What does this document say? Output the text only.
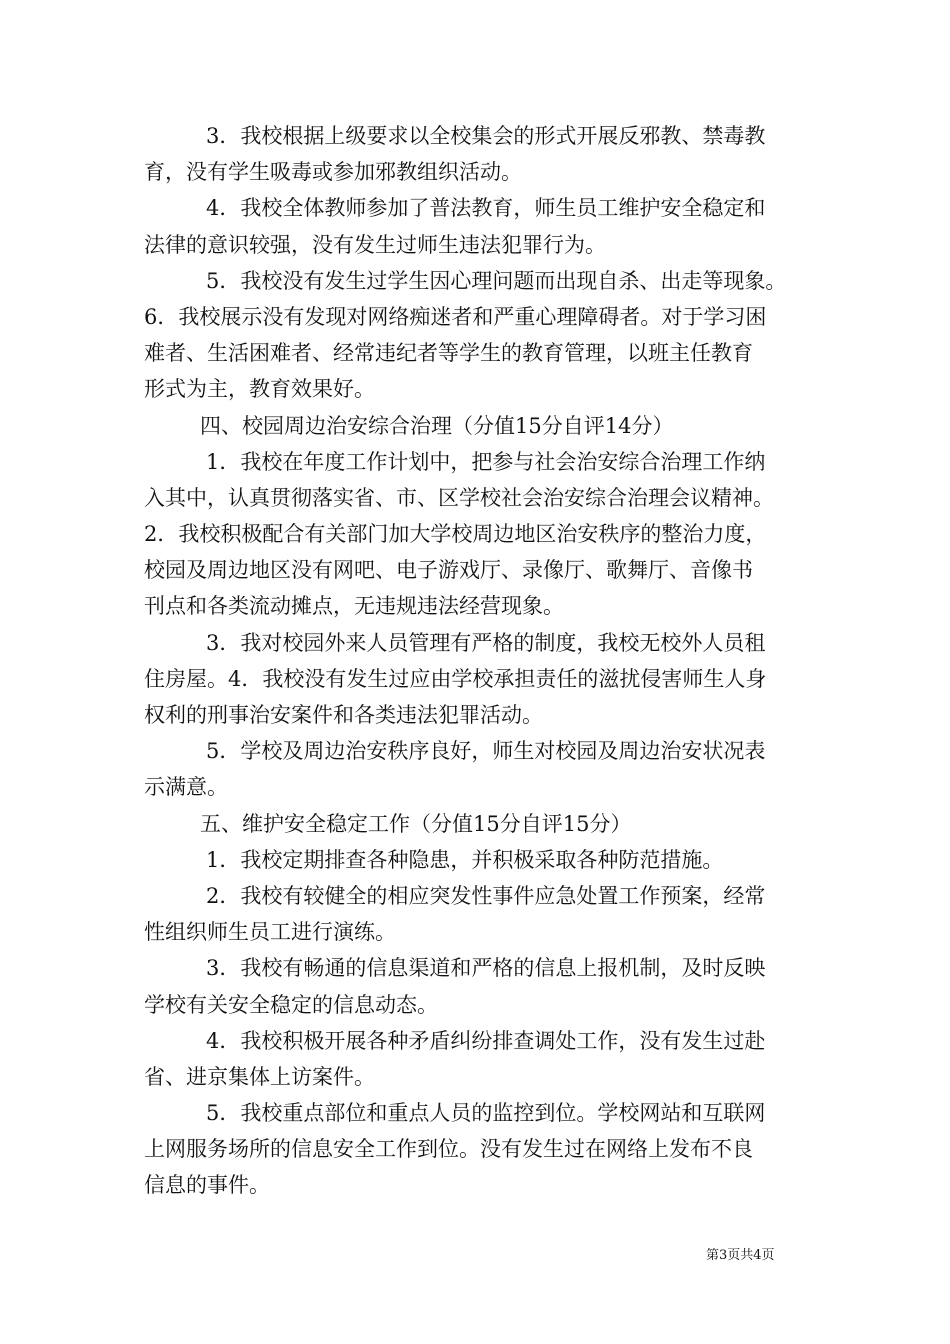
3．我校根据上级要求以全校集会的形式开展反邪教、禁毒教
育，没有学生吸毒或参加邪教组织活动。
4．我校全体教师参加了普法教育，师生员工维护安全稳定和
法律的意识较强，没有发生过师生违法犯罪行为。
5．我校没有发生过学生因心理问题而出现自杀、出走等现象。
6．我校展示没有发现对网络痴迷者和严重心理障碍者。对于学习困
难者、生活困难者、经常违纪者等学生的教育管理，以班主任教育
形式为主，教育效果好。
四、校园周边治安综合治理（分值15分自评14分）
1．我校在年度工作计划中，把参与社会治安综合治理工作纳
入其中，认真贯彻落实省、市、区学校社会治安综合治理会议精神。
2．我校积极配合有关部门加大学校周边地区治安秩序的整治力度，
校园及周边地区没有网吧、电子游戏厅、录像厅、歌舞厅、音像书
刊点和各类流动摊点，无违规违法经营现象。
3．我对校园外来人员管理有严格的制度，我校无校外人员租
住房屋。4．我校没有发生过应由学校承担责任的滋扰侵害师生人身
权利的刑事治安案件和各类违法犯罪活动。
5．学校及周边治安秩序良好，师生对校园及周边治安状况表
示满意。
五、维护安全稳定工作（分值15分自评15分）
1．我校定期排查各种隐患，并积极采取各种防范措施。
2．我校有较健全的相应突发性事件应急处置工作预案，经常
性组织师生员工进行演练。
3．我校有畅通的信息渠道和严格的信息上报机制，及时反映
学校有关安全稳定的信息动态。
4．我校积极开展各种矛盾纠纷排查调处工作，没有发生过赴
省、进京集体上访案件。
5．我校重点部位和重点人员的监控到位。学校网站和互联网
上网服务场所的信息安全工作到位。没有发生过在网络上发布不良
信息的事件。
第3页共4页
